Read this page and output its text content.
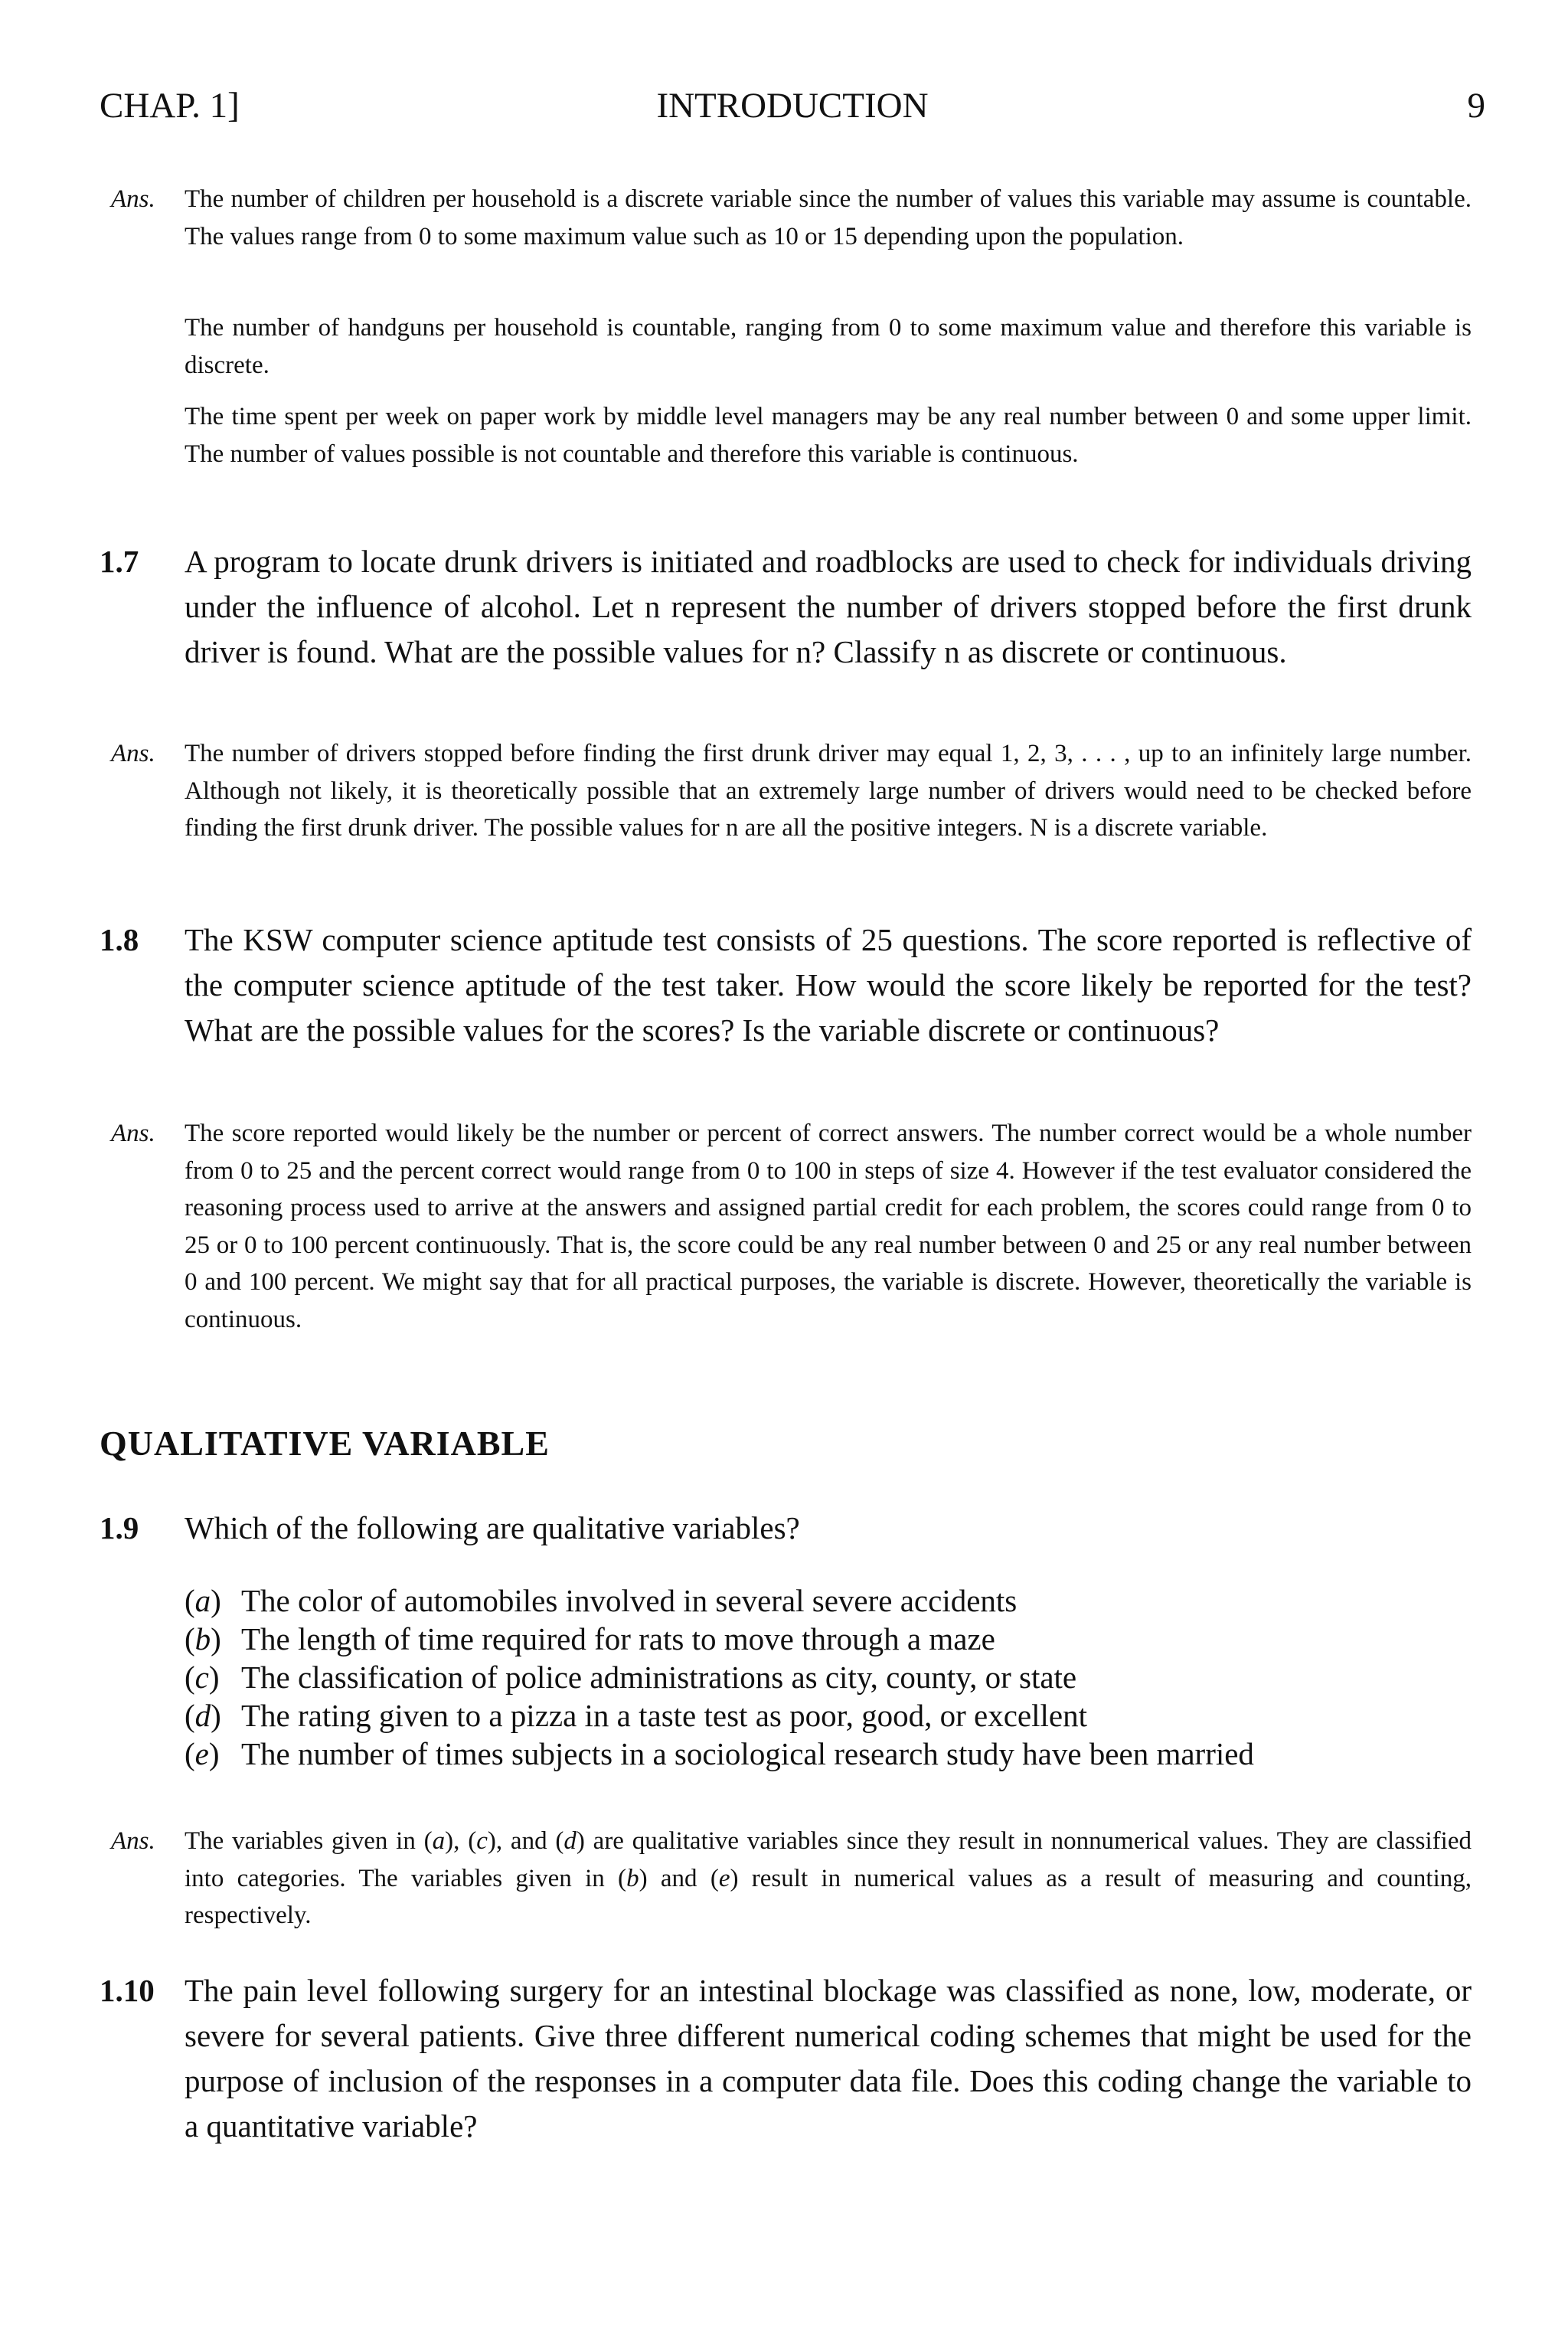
CHAP. 1]	INTRODUCTION	9
Ans. The number of children per household is a discrete variable since the number of values this variable may assume is countable. The values range from 0 to some maximum value such as 10 or 15 depending upon the population.
The number of handguns per household is countable, ranging from 0 to some maximum value and therefore this variable is discrete.
The time spent per week on paper work by middle level managers may be any real number between 0 and some upper limit. The number of values possible is not countable and therefore this variable is continuous.
1.7 A program to locate drunk drivers is initiated and roadblocks are used to check for individuals driving under the influence of alcohol. Let n represent the number of drivers stopped before the first drunk driver is found. What are the possible values for n? Classify n as discrete or continuous.
Ans. The number of drivers stopped before finding the first drunk driver may equal 1, 2, 3, . . . , up to an infinitely large number. Although not likely, it is theoretically possible that an extremely large number of drivers would need to be checked before finding the first drunk driver. The possible values for n are all the positive integers. N is a discrete variable.
1.8 The KSW computer science aptitude test consists of 25 questions. The score reported is reflective of the computer science aptitude of the test taker. How would the score likely be reported for the test? What are the possible values for the scores? Is the variable discrete or continuous?
Ans. The score reported would likely be the number or percent of correct answers. The number correct would be a whole number from 0 to 25 and the percent correct would range from 0 to 100 in steps of size 4. However if the test evaluator considered the reasoning process used to arrive at the answers and assigned partial credit for each problem, the scores could range from 0 to 25 or 0 to 100 percent continuously. That is, the score could be any real number between 0 and 25 or any real number between 0 and 100 percent. We might say that for all practical purposes, the variable is discrete. However, theoretically the variable is continuous.
QUALITATIVE VARIABLE
1.9 Which of the following are qualitative variables?
(a) The color of automobiles involved in several severe accidents
(b) The length of time required for rats to move through a maze
(c) The classification of police administrations as city, county, or state
(d) The rating given to a pizza in a taste test as poor, good, or excellent
(e) The number of times subjects in a sociological research study have been married
Ans. The variables given in (a), (c), and (d) are qualitative variables since they result in nonnumerical values. They are classified into categories. The variables given in (b) and (e) result in numerical values as a result of measuring and counting, respectively.
1.10 The pain level following surgery for an intestinal blockage was classified as none, low, moderate, or severe for several patients. Give three different numerical coding schemes that might be used for the purpose of inclusion of the responses in a computer data file. Does this coding change the variable to a quantitative variable?
